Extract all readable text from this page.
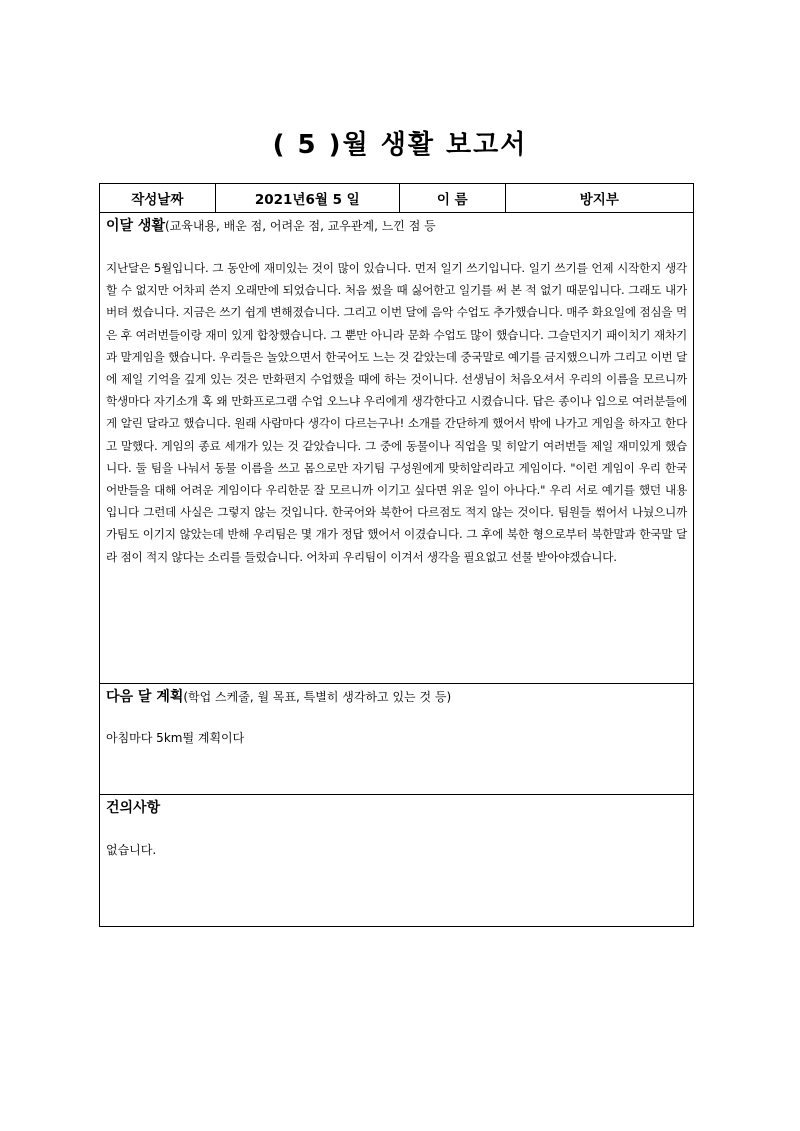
( 5 )월 생활 보고서
작성날짜	2021년6월 5 일	이 름	방지부
이달 생활(교육내용, 배운 점, 어려운 점, 교우관계, 느낀 점 등
지난달은 5월입니다. 그 동안에 재미있는 것이 많이 있습니다. 먼저 일기 쓰기입니다. 일기 쓰기를 언제 시작한지 생각할 수 없지만 어차피 쓴지 오래만에 되었습니다. 처음 썼을 때 싫어한고 일기를 써 본 적 없기 때문입니다. 그래도 내가 버텨 썼습니다. 지금은 쓰기 쉽게 변해졌습니다. 그리고 이번 달에 음악 수업도 추가했습니다. 매주 화요일에 점심을 먹은 후 여러번들이랑 재미 있게 합창했습니다. 그 뿐만 아니라 문화 수업도 많이 했습니다. 그슬던지기 패이치기 재차기과 말게임을 했습니다. 우리들은 놀았으면서 한국어도 느는 것 같았는데 중국말로 예기를 금지했으니까 그리고 이번 달에 제일 기억을 깊게 있는 것은 만화편지 수업했을 때에 하는 것이니다. 선생님이 처음오셔서 우리의 이름을 모르니까 학생마다 자기소개 혹 왜 만화프로그램 수업 오느냐 우리에게 생각한다고 시켰습니다. 답은 종이나 입으로 여러분들에게 알린 달라고 했습니다. 원래 사람마다 생각이 다르는구나! 소개를 간단하게 했어서 밖에 나가고 게임을 하자고 한다고 말했다. 게임의 종료 세개가 있는 것 같았습니다. 그 중에 동물이나 직업을 및 히알기 여러번들 제일 재미있게 했습니다. 둘 팀을 나눠서 동물 이름을 쓰고 몸으로만 자기팀 구성원에게 맞히알리라고 게임이다. "이런 게임이 우리 한국어반들을 대해 어려운 게임이다 우리한문 잘 모르니까 이기고 싶다면 위운 일이 아나다." 우리 서로 예기를 했던 내용입니다 그런데 사실은 그렇지 않는 것입니다. 한국어와 북한어 다르점도 적지 않는 것이다. 팀원들 썪어서 나눴으니까 가팀도 이기지 않았는데 반해 우리팀은 몇 개가 정답 했어서 이겼습니다. 그 후에 북한 형으로부터 북한말과 한국말 달라 점이 적지 않다는 소리를 들렀습니다. 어차피 우리팀이 이겨서 생각을 필요없고 선물 받아야겠습니다.
다음 달 계획(학업 스케줄, 월 목표, 특별히 생각하고 있는 것 등)
아침마다 5km뛸 계획이다
건의사항
없습니다.
